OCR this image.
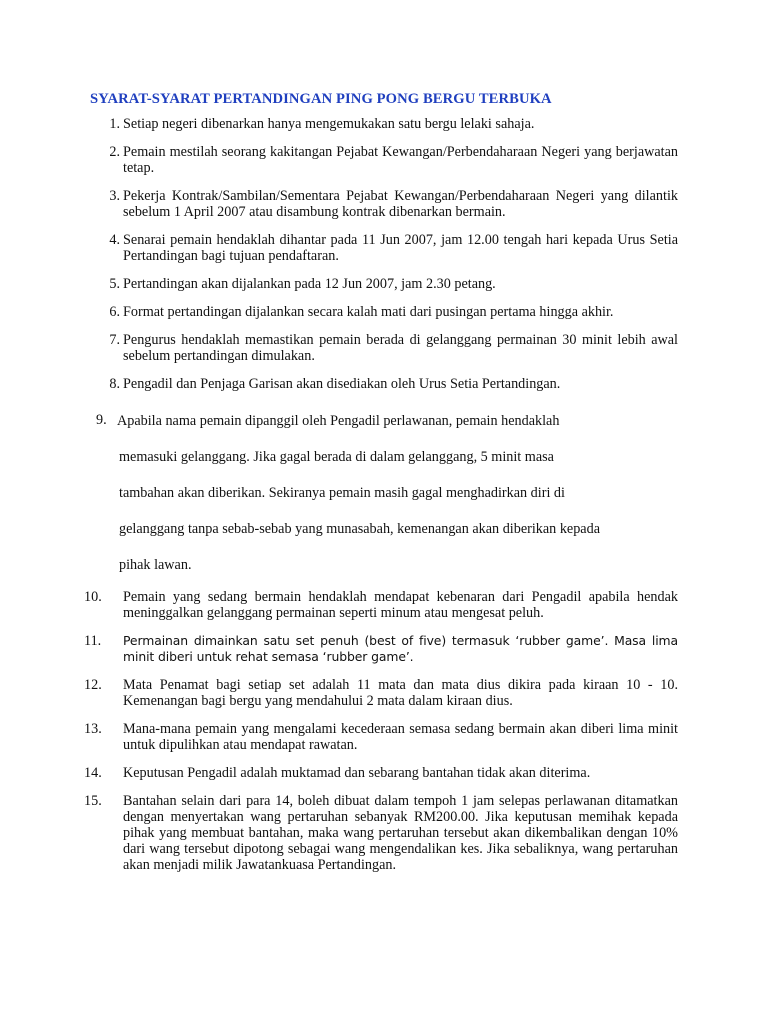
SYARAT-SYARAT PERTANDINGAN PING PONG BERGU TERBUKA
1. Setiap negeri dibenarkan hanya mengemukakan satu bergu lelaki sahaja.
2. Pemain mestilah seorang kakitangan Pejabat Kewangan/Perbendaharaan Negeri yang berjawatan tetap.
3. Pekerja Kontrak/Sambilan/Sementara Pejabat Kewangan/Perbendaharaan Negeri yang dilantik sebelum 1 April 2007 atau disambung kontrak dibenarkan bermain.
4. Senarai pemain hendaklah dihantar pada 11 Jun 2007, jam 12.00 tengah hari kepada Urus Setia Pertandingan bagi tujuan pendaftaran.
5. Pertandingan akan dijalankan pada 12 Jun 2007, jam 2.30 petang.
6. Format pertandingan dijalankan secara kalah mati dari pusingan pertama hingga akhir.
7. Pengurus hendaklah memastikan pemain berada di gelanggang permainan 30 minit lebih awal sebelum pertandingan dimulakan.
8. Pengadil dan Penjaga Garisan akan disediakan oleh Urus Setia Pertandingan.
9. Apabila nama pemain dipanggil oleh Pengadil perlawanan, pemain hendaklah
memasuki gelanggang. Jika gagal berada di dalam gelanggang, 5 minit masa
tambahan akan diberikan. Sekiranya pemain masih gagal menghadirkan diri di
gelanggang tanpa sebab-sebab yang munasabah, kemenangan akan diberikan kepada
pihak lawan.
10.	Pemain yang sedang bermain hendaklah mendapat kebenaran dari Pengadil apabila hendak meninggalkan gelanggang permainan seperti minum atau mengesat peluh.
11.	Permainan dimainkan satu set penuh (best of five) termasuk ‘rubber game’. Masa lima minit diberi untuk rehat semasa ‘rubber game’.
12.	Mata Penamat bagi setiap set adalah 11 mata dan mata dius dikira pada kiraan 10 - 10. Kemenangan bagi bergu yang mendahului 2 mata dalam kiraan dius.
13.	Mana-mana pemain yang mengalami kecederaan semasa sedang bermain akan diberi lima minit untuk dipulihkan atau mendapat rawatan.
14.	Keputusan Pengadil adalah muktamad dan sebarang bantahan tidak akan diterima.
15.	Bantahan selain dari para 14, boleh dibuat dalam tempoh 1 jam selepas perlawanan ditamatkan dengan menyertakan wang pertaruhan sebanyak RM200.00. Jika keputusan memihak kepada pihak yang membuat bantahan, maka wang pertaruhan tersebut akan dikembalikan dengan 10% dari wang tersebut dipotong sebagai wang mengendalikan kes. Jika sebaliknya, wang pertaruhan akan menjadi milik Jawatankuasa Pertandingan.
